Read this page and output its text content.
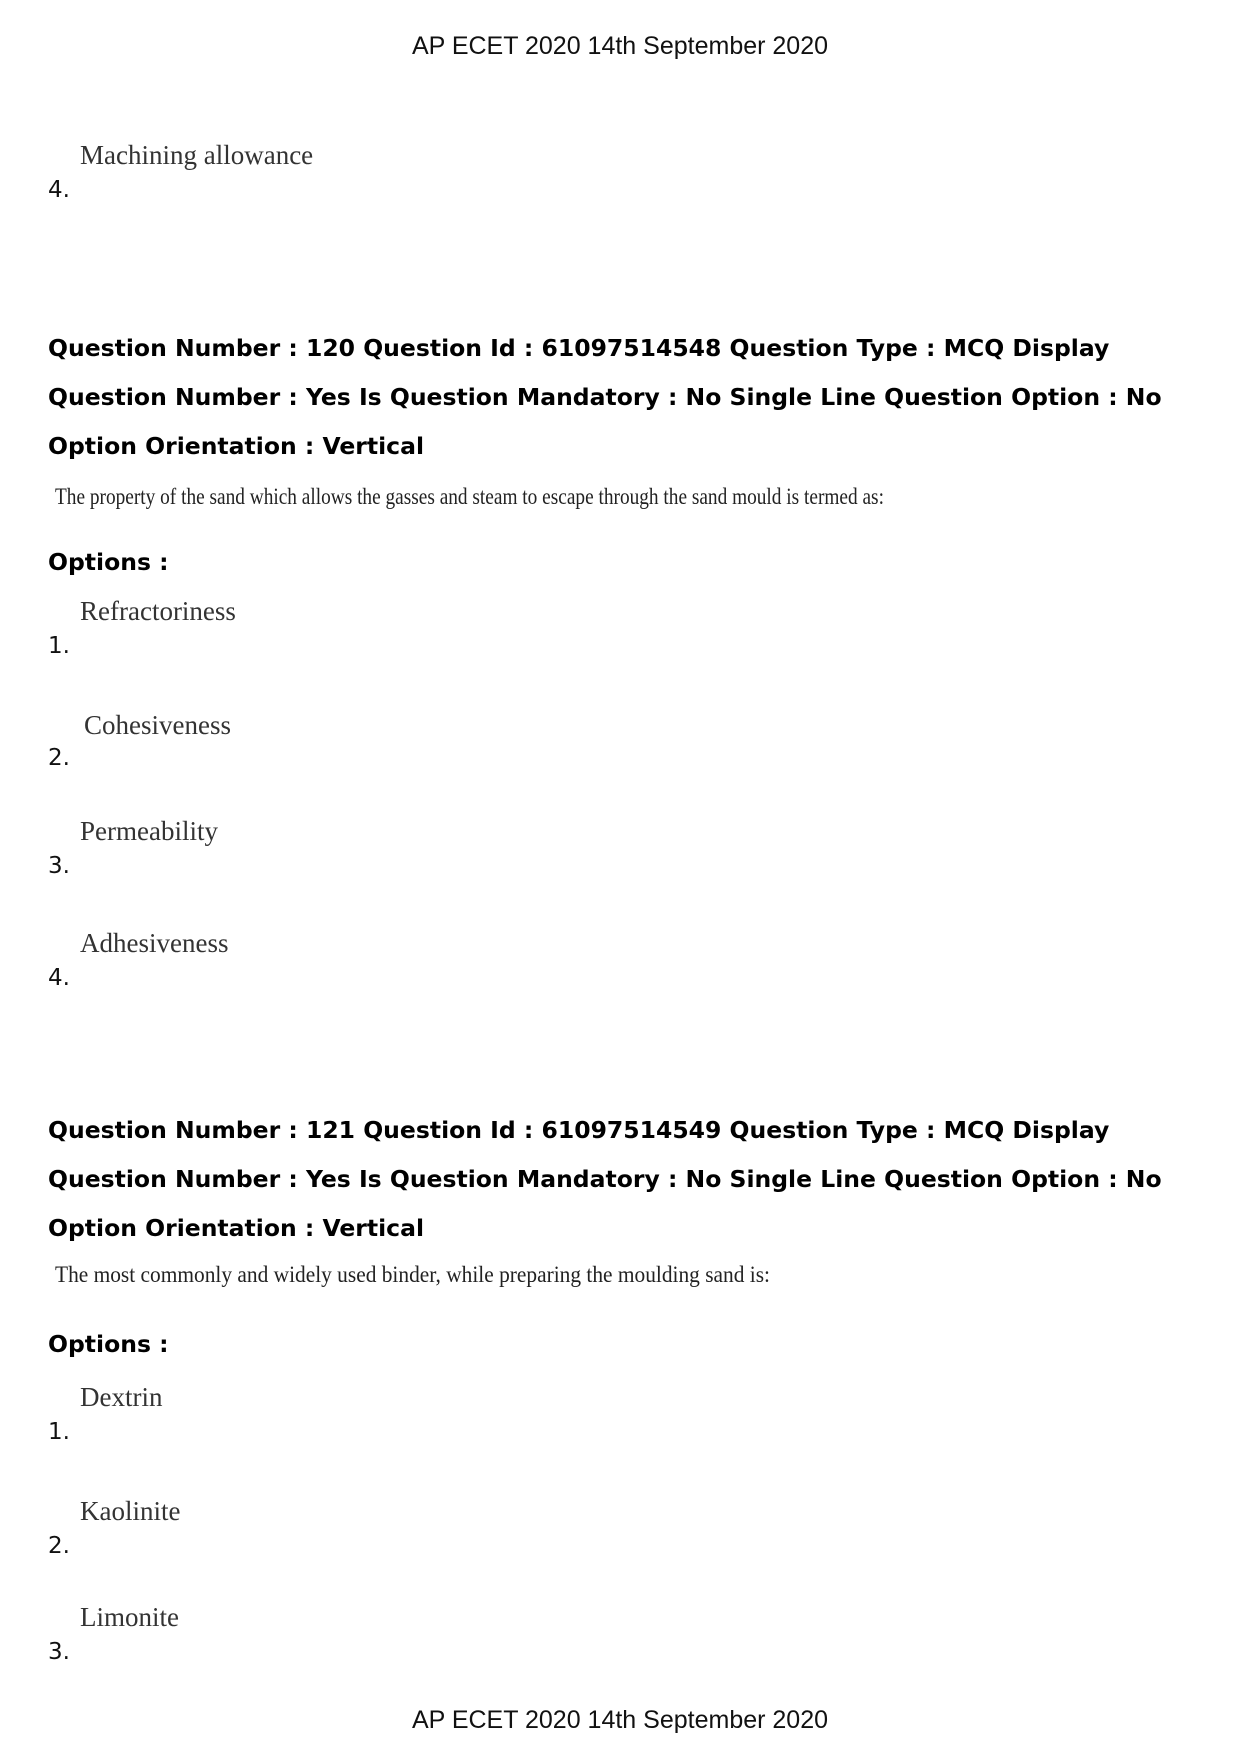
AP ECET 2020 14th September 2020
4.
Machining allowance
Question Number : 120 Question Id : 61097514548 Question Type : MCQ Display Question Number : Yes Is Question Mandatory : No Single Line Question Option : No Option Orientation : Vertical
The property of the sand which allows the gasses and steam to escape through the sand mould is termed as:
Options :
1.
Refractoriness
2.
Cohesiveness
3.
Permeability
4.
Adhesiveness
Question Number : 121 Question Id : 61097514549 Question Type : MCQ Display Question Number : Yes Is Question Mandatory : No Single Line Question Option : No Option Orientation : Vertical
The most commonly and widely used binder, while preparing the moulding sand is:
Options :
1.
Dextrin
2.
Kaolinite
3.
Limonite
AP ECET 2020 14th September 2020
